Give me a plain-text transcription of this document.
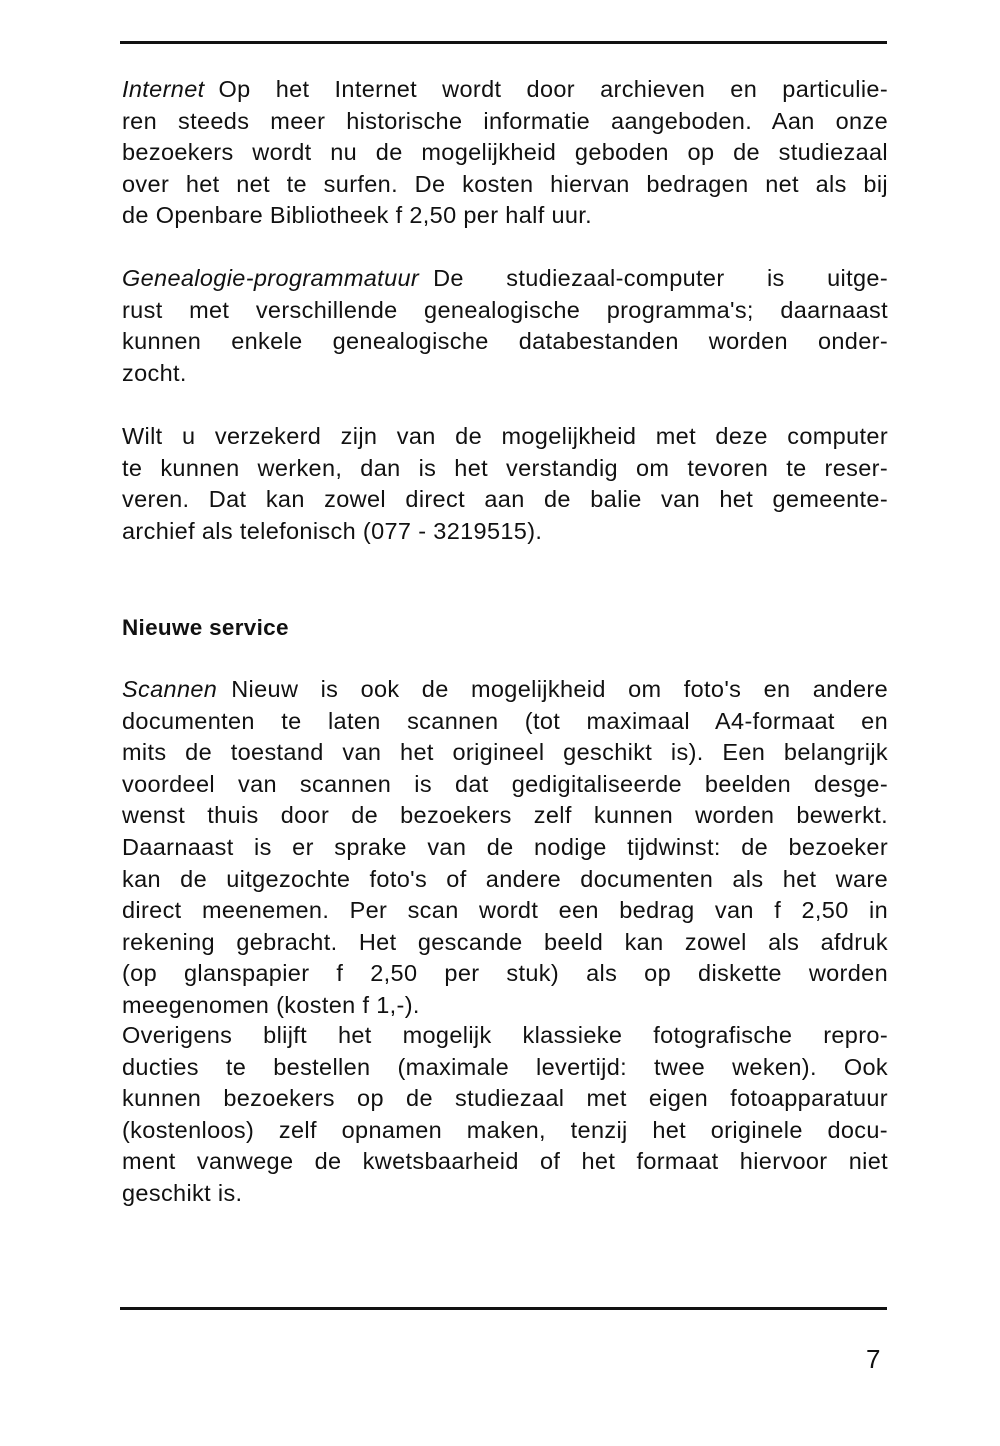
Internet Op het Internet wordt door archieven en particulie-
ren steeds meer historische informatie aangeboden. Aan onze
bezoekers wordt nu de mogelijkheid geboden op de studiezaal
over het net te surfen. De kosten hiervan bedragen net als bij
de Openbare Bibliotheek f 2,50 per half uur.
Genealogie-programmatuur De studiezaal-computer is uitge-
rust met verschillende genealogische programma's; daarnaast
kunnen enkele genealogische databestanden worden onder-
zocht.
Wilt u verzekerd zijn van de mogelijkheid met deze computer
te kunnen werken, dan is het verstandig om tevoren te reser-
veren. Dat kan zowel direct aan de balie van het gemeente-
archief als telefonisch (077 - 3219515).
Nieuwe service
Scannen Nieuw is ook de mogelijkheid om foto's en andere
documenten te laten scannen (tot maximaal A4-formaat en
mits de toestand van het origineel geschikt is). Een belangrijk
voordeel van scannen is dat gedigitaliseerde beelden desge-
wenst thuis door de bezoekers zelf kunnen worden bewerkt.
Daarnaast is er sprake van de nodige tijdwinst: de bezoeker
kan de uitgezochte foto's of andere documenten als het ware
direct meenemen. Per scan wordt een bedrag van f 2,50 in
rekening gebracht. Het gescande beeld kan zowel als afdruk
(op glanspapier f 2,50 per stuk) als op diskette worden
meegenomen (kosten f 1,-).
Overigens blijft het mogelijk klassieke fotografische repro-
ducties te bestellen (maximale levertijd: twee weken). Ook
kunnen bezoekers op de studiezaal met eigen fotoapparatuur
(kostenloos) zelf opnamen maken, tenzij het originele docu-
ment vanwege de kwetsbaarheid of het formaat hiervoor niet
geschikt is.
7
